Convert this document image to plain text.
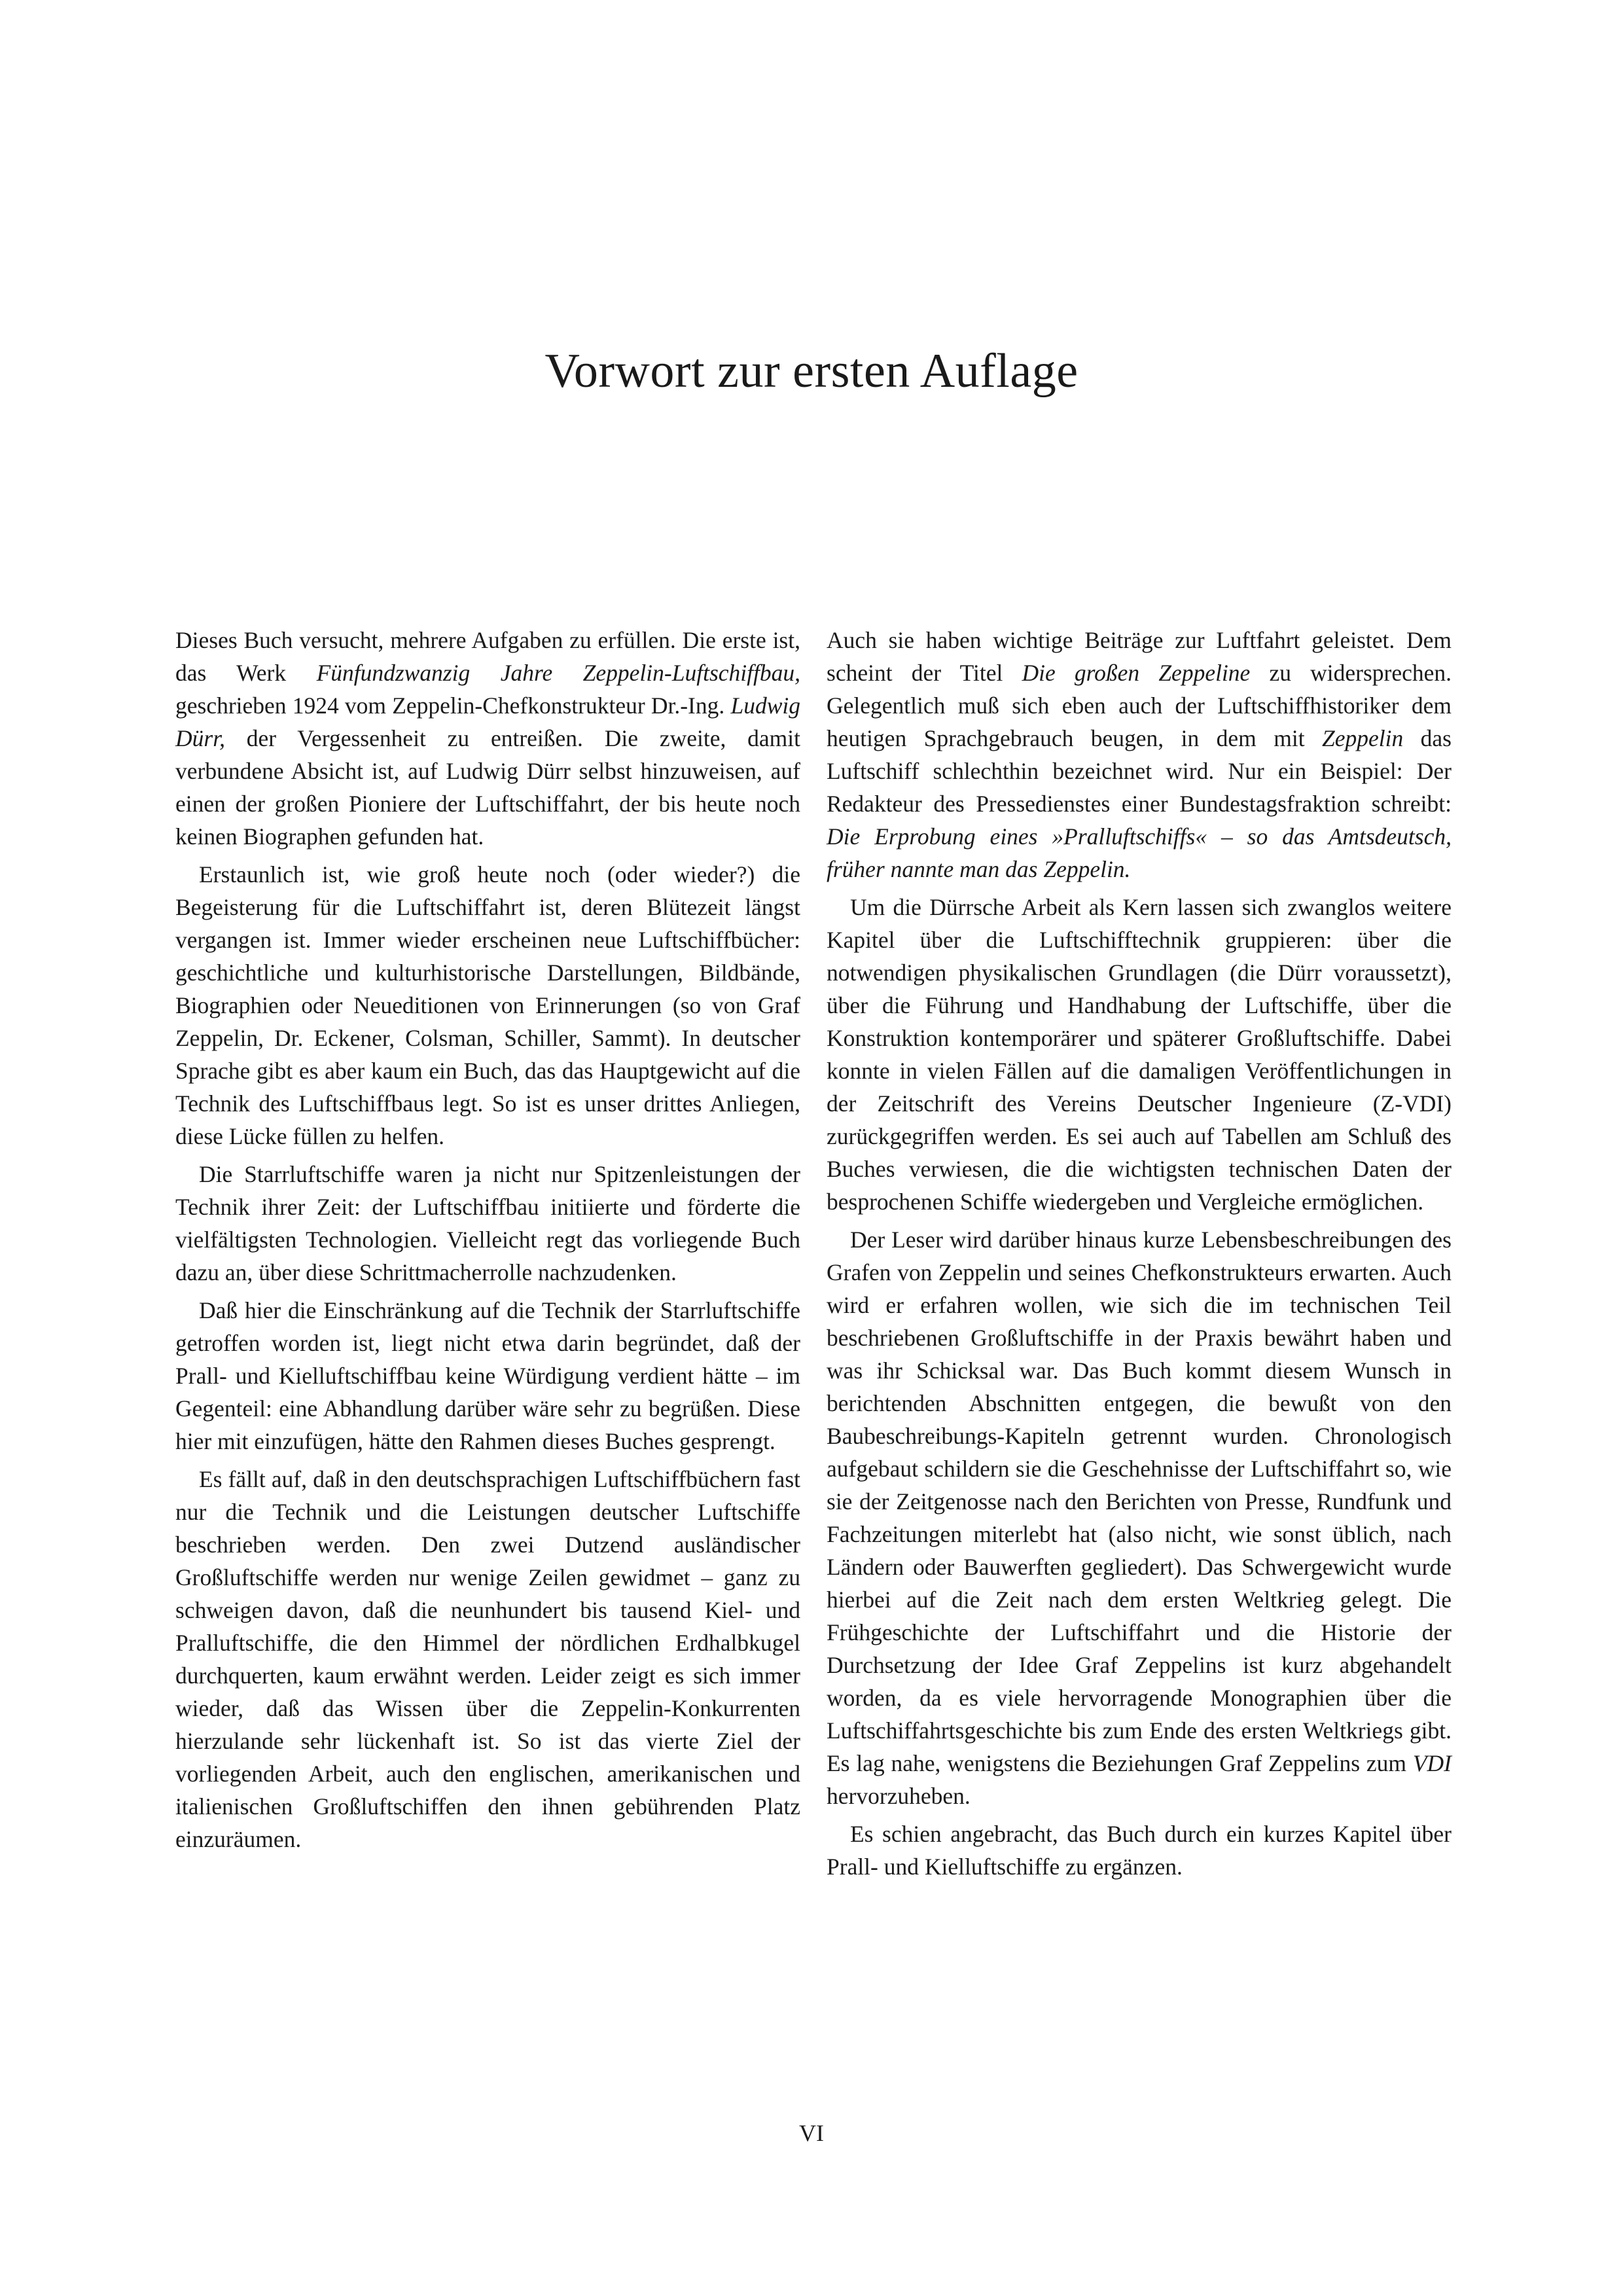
Vorwort zur ersten Auflage

Dieses Buch versucht, mehrere Aufgaben zu erfüllen. Die erste ist, das Werk Fünfundzwanzig Jahre Zeppelin-Luftschiffbau, geschrieben 1924 vom Zeppelin-Chefkonstrukteur Dr.-Ing. Ludwig Dürr, der Vergessenheit zu entreißen. Die zweite, damit verbundene Absicht ist, auf Ludwig Dürr selbst hinzuweisen, auf einen der großen Pioniere der Luftschiffahrt, der bis heute noch keinen Biographen gefunden hat.

Erstaunlich ist, wie groß heute noch (oder wieder?) die Begeisterung für die Luftschiffahrt ist, deren Blütezeit längst vergangen ist. Immer wieder erscheinen neue Luftschiffbücher: geschichtliche und kulturhistorische Darstellungen, Bildbände, Biographien oder Neueditionen von Erinnerungen (so von Graf Zeppelin, Dr. Eckener, Colsman, Schiller, Sammt). In deutscher Sprache gibt es aber kaum ein Buch, das das Hauptgewicht auf die Technik des Luftschiffbaus legt. So ist es unser drittes Anliegen, diese Lücke füllen zu helfen.

Die Starrluftschiffe waren ja nicht nur Spitzenleistungen der Technik ihrer Zeit: der Luftschiffbau initiierte und förderte die vielfältigsten Technologien. Vielleicht regt das vorliegende Buch dazu an, über diese Schrittmacherrolle nachzudenken.

Daß hier die Einschränkung auf die Technik der Starrluftschiffe getroffen worden ist, liegt nicht etwa darin begründet, daß der Prall- und Kielluftschiffbau keine Würdigung verdient hätte – im Gegenteil: eine Abhandlung darüber wäre sehr zu begrüßen. Diese hier mit einzufügen, hätte den Rahmen dieses Buches gesprengt.

Es fällt auf, daß in den deutschsprachigen Luftschiffbüchern fast nur die Technik und die Leistungen deutscher Luftschiffe beschrieben werden. Den zwei Dutzend ausländischer Großluftschiffe werden nur wenige Zeilen gewidmet – ganz zu schweigen davon, daß die neunhundert bis tausend Kiel- und Pralluftschiffe, die den Himmel der nördlichen Erdhalbkugel durchquerten, kaum erwähnt werden. Leider zeigt es sich immer wieder, daß das Wissen über die Zeppelin-Konkurrenten hierzulande sehr lückenhaft ist. So ist das vierte Ziel der vorliegenden Arbeit, auch den englischen, amerikanischen und italienischen Großluftschiffen den ihnen gebührenden Platz einzuräumen.

Auch sie haben wichtige Beiträge zur Luftfahrt geleistet. Dem scheint der Titel Die großen Zeppeline zu widersprechen. Gelegentlich muß sich eben auch der Luftschiffhistoriker dem heutigen Sprachgebrauch beugen, in dem mit Zeppelin das Luftschiff schlechthin bezeichnet wird. Nur ein Beispiel: Der Redakteur des Pressedienstes einer Bundestagsfraktion schreibt: Die Erprobung eines »Pralluftschiffs« – so das Amtsdeutsch, früher nannte man das Zeppelin.

Um die Dürrsche Arbeit als Kern lassen sich zwanglos weitere Kapitel über die Luftschifftechnik gruppieren: über die notwendigen physikalischen Grundlagen (die Dürr voraussetzt), über die Führung und Handhabung der Luftschiffe, über die Konstruktion kontemporärer und späterer Großluftschiffe. Dabei konnte in vielen Fällen auf die damaligen Veröffentlichungen in der Zeitschrift des Vereins Deutscher Ingenieure (Z-VDI) zurückgegriffen werden. Es sei auch auf Tabellen am Schluß des Buches verwiesen, die die wichtigsten technischen Daten der besprochenen Schiffe wiedergeben und Vergleiche ermöglichen.

Der Leser wird darüber hinaus kurze Lebensbeschreibungen des Grafen von Zeppelin und seines Chefkonstrukteurs erwarten. Auch wird er erfahren wollen, wie sich die im technischen Teil beschriebenen Großluftschiffe in der Praxis bewährt haben und was ihr Schicksal war. Das Buch kommt diesem Wunsch in berichtenden Abschnitten entgegen, die bewußt von den Baubeschreibungs-Kapiteln getrennt wurden. Chronologisch aufgebaut schildern sie die Geschehnisse der Luftschiffahrt so, wie sie der Zeitgenosse nach den Berichten von Presse, Rundfunk und Fachzeitungen miterlebt hat (also nicht, wie sonst üblich, nach Ländern oder Bauwerften gegliedert). Das Schwergewicht wurde hierbei auf die Zeit nach dem ersten Weltkrieg gelegt. Die Frühgeschichte der Luftschiffahrt und die Historie der Durchsetzung der Idee Graf Zeppelins ist kurz abgehandelt worden, da es viele hervorragende Monographien über die Luftschiffahrtsgeschichte bis zum Ende des ersten Weltkriegs gibt. Es lag nahe, wenigstens die Beziehungen Graf Zeppelins zum VDI hervorzuheben.

Es schien angebracht, das Buch durch ein kurzes Kapitel über Prall- und Kielluftschiffe zu ergänzen.

VI
